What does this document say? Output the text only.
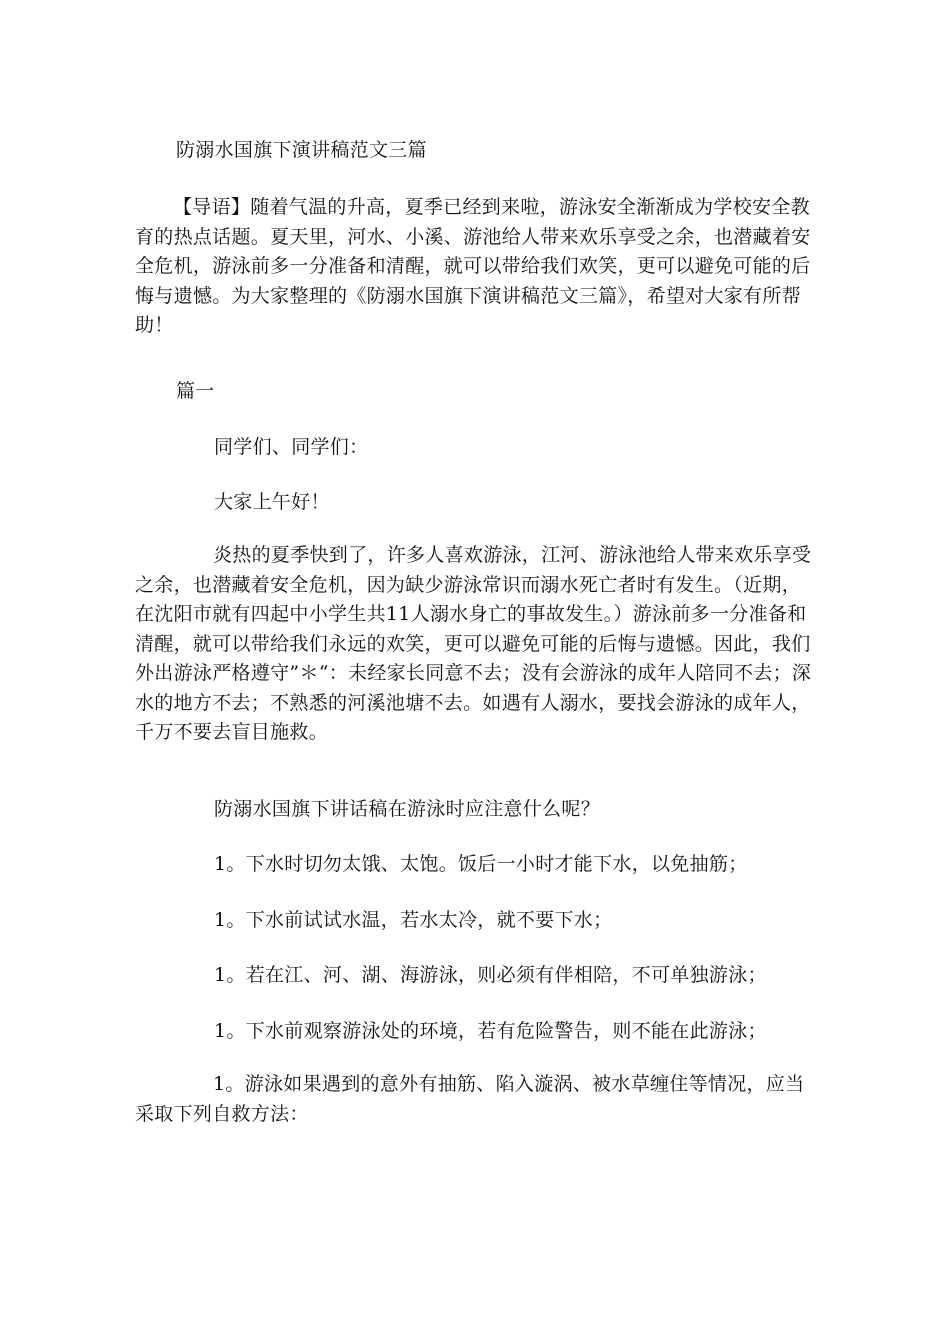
防溺水国旗下演讲稿范文三篇
【导语】随着气温的升高，夏季已经到来啦，游泳安全渐渐成为学校安全教育的热点话题。夏天里，河水、小溪、游池给人带来欢乐享受之余，也潜藏着安全危机，游泳前多一分准备和清醒，就可以带给我们欢笑，更可以避免可能的后悔与遗憾。为大家整理的《防溺水国旗下演讲稿范文三篇》，希望对大家有所帮助！
篇一
同学们、同学们：
大家上午好！
炎热的夏季快到了，许多人喜欢游泳，江河、游泳池给人带来欢乐享受之余，也潜藏着安全危机，因为缺少游泳常识而溺水死亡者时有发生。（近期，在沈阳市就有四起中小学生共11人溺水身亡的事故发生。）游泳前多一分准备和清醒，就可以带给我们永远的欢笑，更可以避免可能的后悔与遗憾。因此，我们外出游泳严格遵守”＊“：未经家长同意不去；没有会游泳的成年人陪同不去；深水的地方不去；不熟悉的河溪池塘不去。如遇有人溺水，要找会游泳的成年人，千万不要去盲目施救。
防溺水国旗下讲话稿在游泳时应注意什么呢？
1。下水时切勿太饿、太饱。饭后一小时才能下水，以免抽筋；
1。下水前试试水温，若水太冷，就不要下水；
1。若在江、河、湖、海游泳，则必须有伴相陪，不可单独游泳；
1。下水前观察游泳处的环境，若有危险警告，则不能在此游泳；
1。游泳如果遇到的意外有抽筋、陷入漩涡、被水草缠住等情况，应当采取下列自救方法：
